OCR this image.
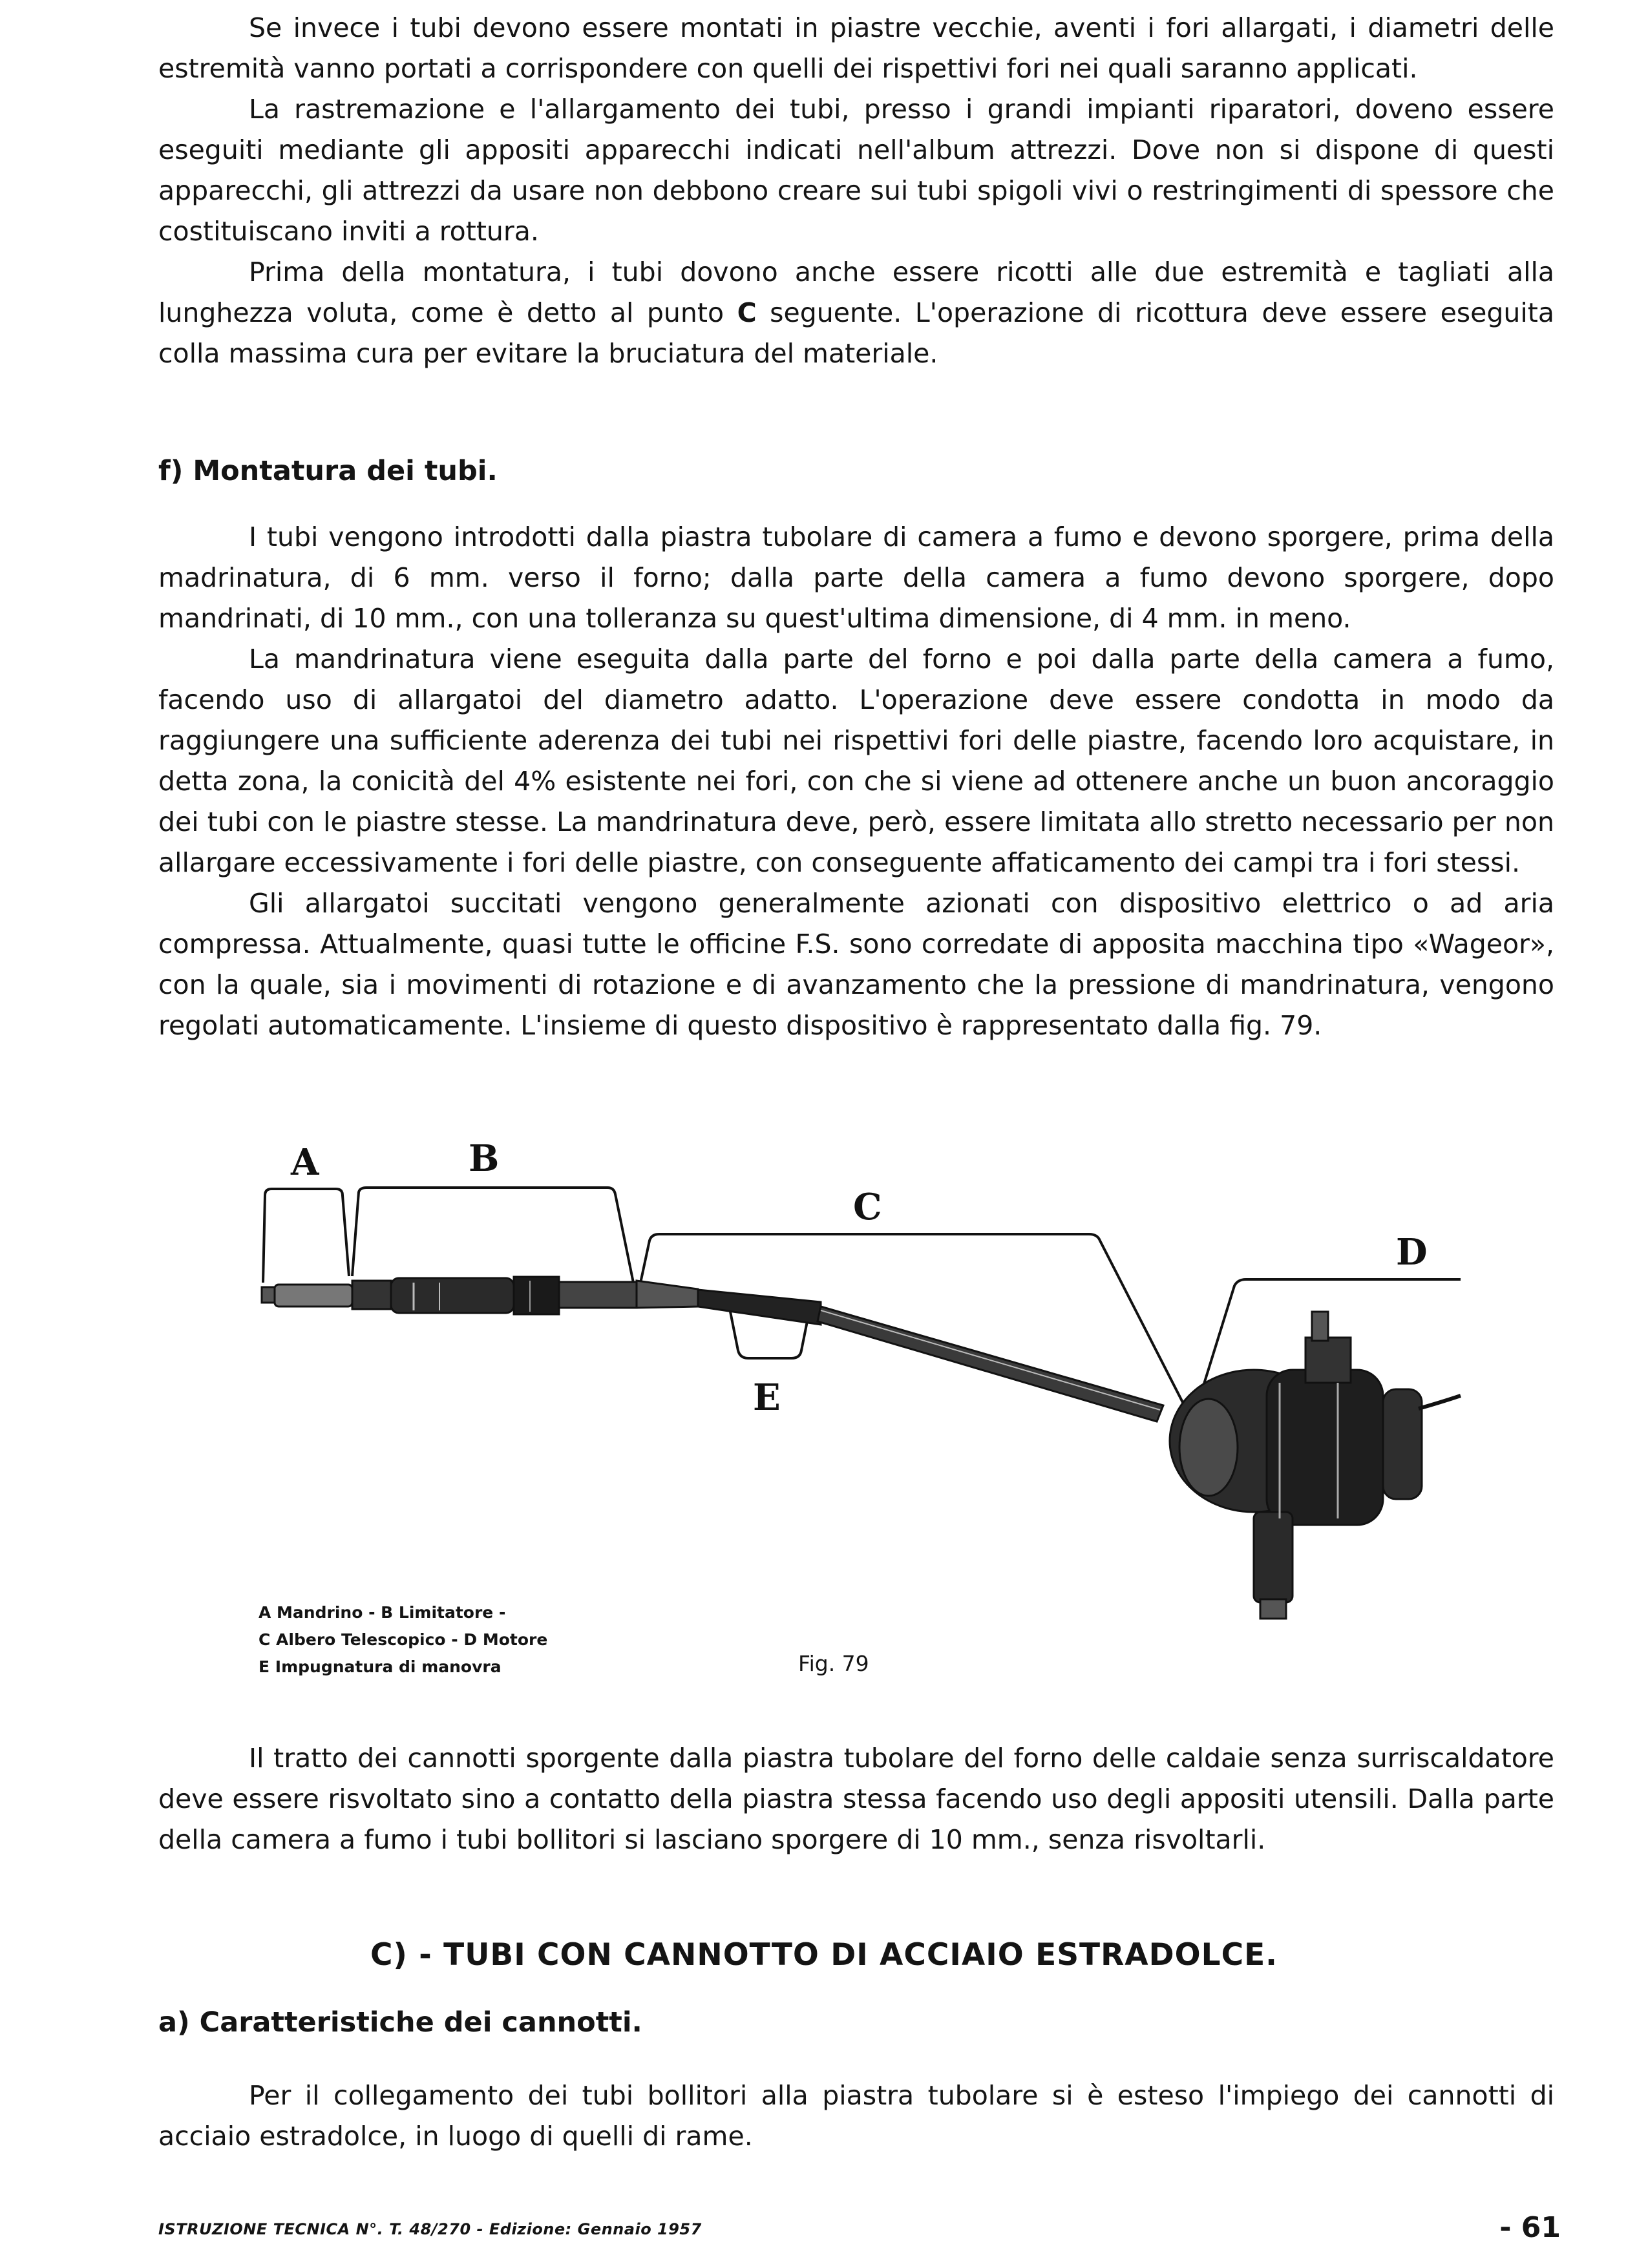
Se invece i tubi devono essere montati in piastre vecchie, aventi i fori allargati, i diametri delle estremità vanno portati a corrispondere con quelli dei rispettivi fori nei quali saranno applicati.

La rastremazione e l'allargamento dei tubi, presso i grandi impianti riparatori, doveno essere eseguiti mediante gli appositi apparecchi indicati nell'album attrezzi. Dove non si dispone di questi apparecchi, gli attrezzi da usare non debbono creare sui tubi spigoli vivi o restringimenti di spessore che costituiscano inviti a rottura.

Prima della montatura, i tubi dovono anche essere ricotti alle due estremità e tagliati alla lunghezza voluta, come è detto al punto C seguente. L'operazione di ricottura deve essere eseguita colla massima cura per evitare la bruciatura del materiale.

f) Montatura dei tubi.

I tubi vengono introdotti dalla piastra tubolare di camera a fumo e devono sporgere, prima della madrinatura, di 6 mm. verso il forno; dalla parte della camera a fumo devono sporgere, dopo mandrinati, di 10 mm., con una tolleranza su quest'ultima dimensione, di 4 mm. in meno.

La mandrinatura viene eseguita dalla parte del forno e poi dalla parte della camera a fumo, facendo uso di allargatoi del diametro adatto. L'operazione deve essere condotta in modo da raggiungere una sufficiente aderenza dei tubi nei rispettivi fori delle piastre, facendo loro acquistare, in detta zona, la conicità del 4% esistente nei fori, con che si viene ad ottenere anche un buon ancoraggio dei tubi con le piastre stesse. La mandrinatura deve, però, essere limitata allo stretto necessario per non allargare eccessivamente i fori delle piastre, con conseguente affaticamento dei campi tra i fori stessi.

Gli allargatoi succitati vengono generalmente azionati con dispositivo elettrico o ad aria compressa. Attualmente, quasi tutte le officine F.S. sono corredate di apposita macchina tipo «Wageor», con la quale, sia i movimenti di rotazione e di avanzamento che la pressione di mandrinatura, vengono regolati automaticamente. L'insieme di questo dispositivo è rappresentato dalla fig. 79.

A	B
C
D
E
A Mandrino - B Limitatore -
C Albero Telescopico - D Motore
E Impugnatura di manovra	Fig. 79

Il tratto dei cannotti sporgente dalla piastra tubolare del forno delle caldaie senza surriscaldatore deve essere risvoltato sino a contatto della piastra stessa facendo uso degli appositi utensili. Dalla parte della camera a fumo i tubi bollitori si lasciano sporgere di 10 mm., senza risvoltarli.

C) - TUBI CON CANNOTTO DI ACCIAIO ESTRADOLCE.
a) Caratteristiche dei cannotti.

Per il collegamento dei tubi bollitori alla piastra tubolare si è esteso l'impiego dei cannotti di acciaio estradolce, in luogo di quelli di rame.

ISTRUZIONE TECNICA N°. T. 48/270 - Edizione: Gennaio 1957	- 61
